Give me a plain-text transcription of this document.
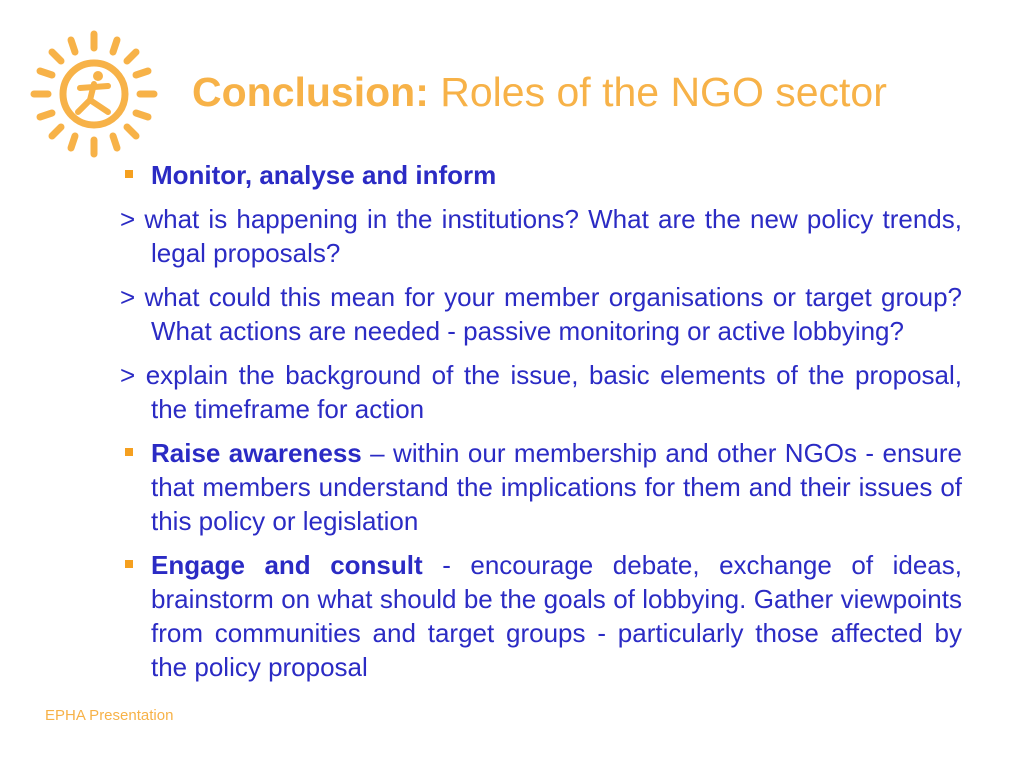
Conclusion: Roles of the NGO sector

Monitor, analyse and inform

> what is happening in the institutions? What are the new policy trends, legal proposals?

> what could this mean for your member organisations or target group? What actions are needed - passive monitoring or active lobbying?

> explain the background of the issue, basic elements of the proposal, the timeframe for action

Raise awareness – within our membership and other NGOs - ensure that members understand the implications for them and their issues of this policy or legislation

Engage and consult - encourage debate, exchange of ideas, brainstorm on what should be the goals of lobbying. Gather viewpoints from communities and target groups - particularly those affected by the policy proposal

EPHA Presentation
